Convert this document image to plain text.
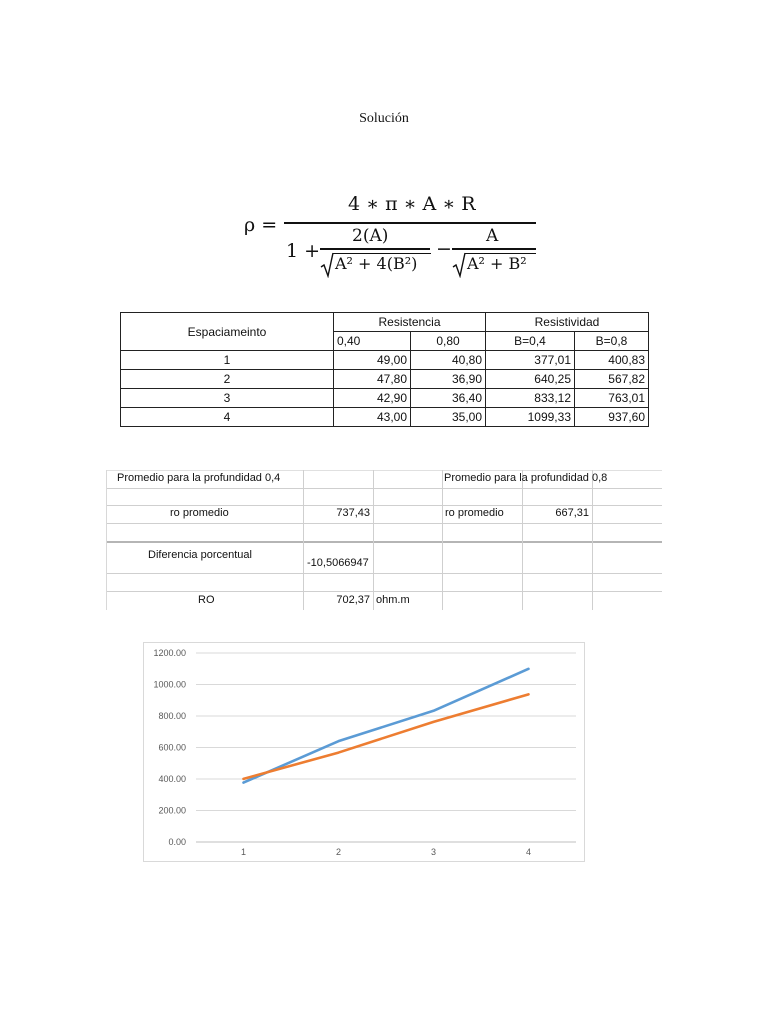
Solución
ρ =
4 ∗ π ∗ A ∗ R
1 +
2(A)
A² + 4(B²)
−
A
A² + B²
Espaciameinto	Resistencia		Resistividad	
	0,40	0,80	B=0,4	B=0,8
1	49,00	40,80	377,01	400,83
2	47,80	36,90	640,25	567,82
3	42,90	36,40	833,12	763,01
4	43,00	35,00	1099,33	937,60
Promedio para la profundidad 0,4	Promedio para la profundidad 0,8
ro promedio	737,43	ro promedio	667,31
Diferencia porcentual
-10,5066947
RO	702,37 ohm.m
0.00
200.00
400.00
600.00
800.00
1000.00
1200.00
1	2	3	4
